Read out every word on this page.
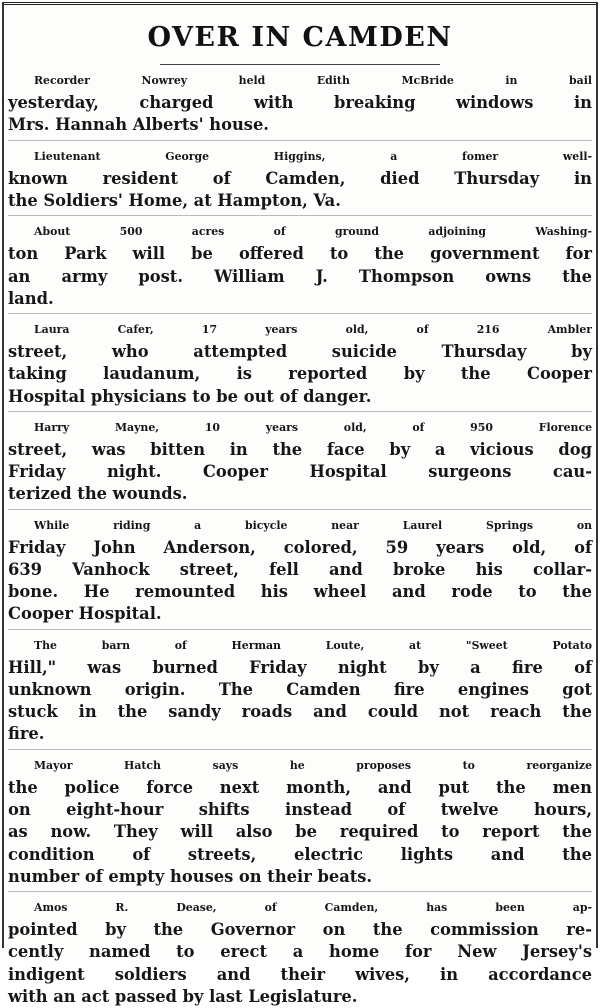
OVER IN CAMDEN

Recorder Nowrey held Edith McBride in bail
yesterday, charged with breaking windows in
Mrs. Hannah Alberts' house.

Lieutenant George Higgins, a fomer well-
known resident of Camden, died Thursday in
the Soldiers' Home, at Hampton, Va.

About 500 acres of ground adjoining Washing-
ton Park will be offered to the government for
an army post. William J. Thompson owns the
land.

Laura Cafer, 17 years old, of 216 Ambler
street, who attempted suicide Thursday by
taking laudanum, is reported by the Cooper
Hospital physicians to be out of danger.

Harry Mayne, 10 years old, of 950 Florence
street, was bitten in the face by a vicious dog
Friday night. Cooper Hospital surgeons cau-
terized the wounds.

While riding a bicycle near Laurel Springs on
Friday John Anderson, colored, 59 years old, of
639 Vanhock street, fell and broke his collar-
bone. He remounted his wheel and rode to the
Cooper Hospital.

The barn of Herman Loute, at "Sweet Potato
Hill," was burned Friday night by a fire of
unknown origin. The Camden fire engines got
stuck in the sandy roads and could not reach the
fire.

Mayor Hatch says he proposes to reorganize
the police force next month, and put the men
on eight-hour shifts instead of twelve hours,
as now. They will also be required to report the
condition of streets, electric lights and the
number of empty houses on their beats.

Amos R. Dease, of Camden, has been ap-
pointed by the Governor on the commission re-
cently named to erect a home for New Jersey's
indigent soldiers and their wives, in accordance
with an act passed by last Legislature.
